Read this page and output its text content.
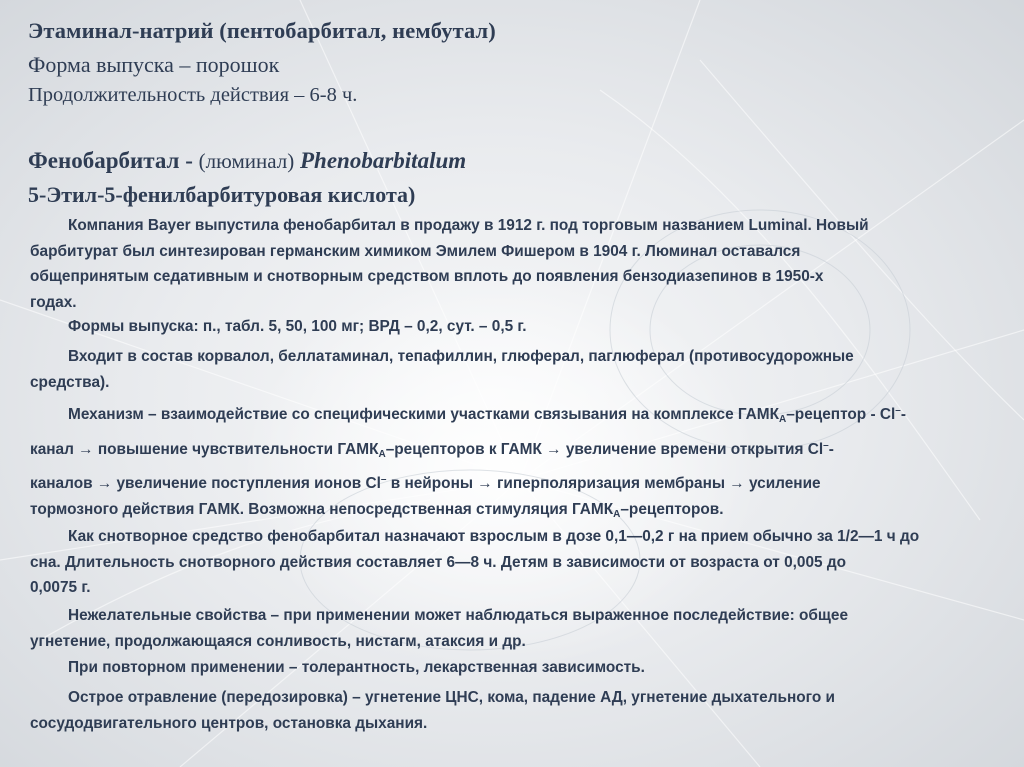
Этаминал-натрий (пентобарбитал, нембутал)
Форма выпуска – порошок
Продолжительность действия – 6-8 ч.
Фенобарбитал - (люминал) Phenobarbitalum
5-Этил-5-фенилбарбитуровая кислота)
Компания Bayer выпустила фенобарбитал в продажу в 1912 г. под торговым названием Luminal. Новый
барбитурат был синтезирован германским химиком Эмилем Фишером в 1904 г. Люминал оставался
общепринятым седативным и снотворным средством вплоть до появления бензодиазепинов в 1950-х
годах.
Формы выпуска: п., табл. 5, 50, 100 мг; ВРД – 0,2, сут. – 0,5 г.
Входит в состав корвалол, беллатаминал, тепафиллин, глюферал, паглюферал (противосудорожные
средства).
Механизм – взаимодействие со специфическими участками связывания на комплексе $ГАМК_А$–рецептор - Cl–-
канал → повышение чувствительности $ГАМК_А$–рецепторов к ГАМК → увеличение времени открытия Cl–-
каналов → увеличение поступления ионов Cl– в нейроны → гиперполяризация мембраны → усиление
тормозного действия ГАМК. Возможна непосредственная стимуляция $ГАМК_А$–рецепторов.
Как снотворное средство фенобарбитал назначают взрослым в дозе 0,1—0,2 г на прием обычно за 1/2—1 ч до
сна. Длительность снотворного действия составляет 6—8 ч. Детям в зависимости от возраста от 0,005 до
0,0075 г.
Нежелательные свойства – при применении может наблюдаться выраженное последействие: общее
угнетение, продолжающаяся сонливость, нистагм, атаксия и др.
При повторном применении – толерантность, лекарственная зависимость.
Острое отравление (передозировка) – угнетение ЦНС, кома, падение АД, угнетение дыхательного и
сосудодвигательного центров, остановка дыхания.
